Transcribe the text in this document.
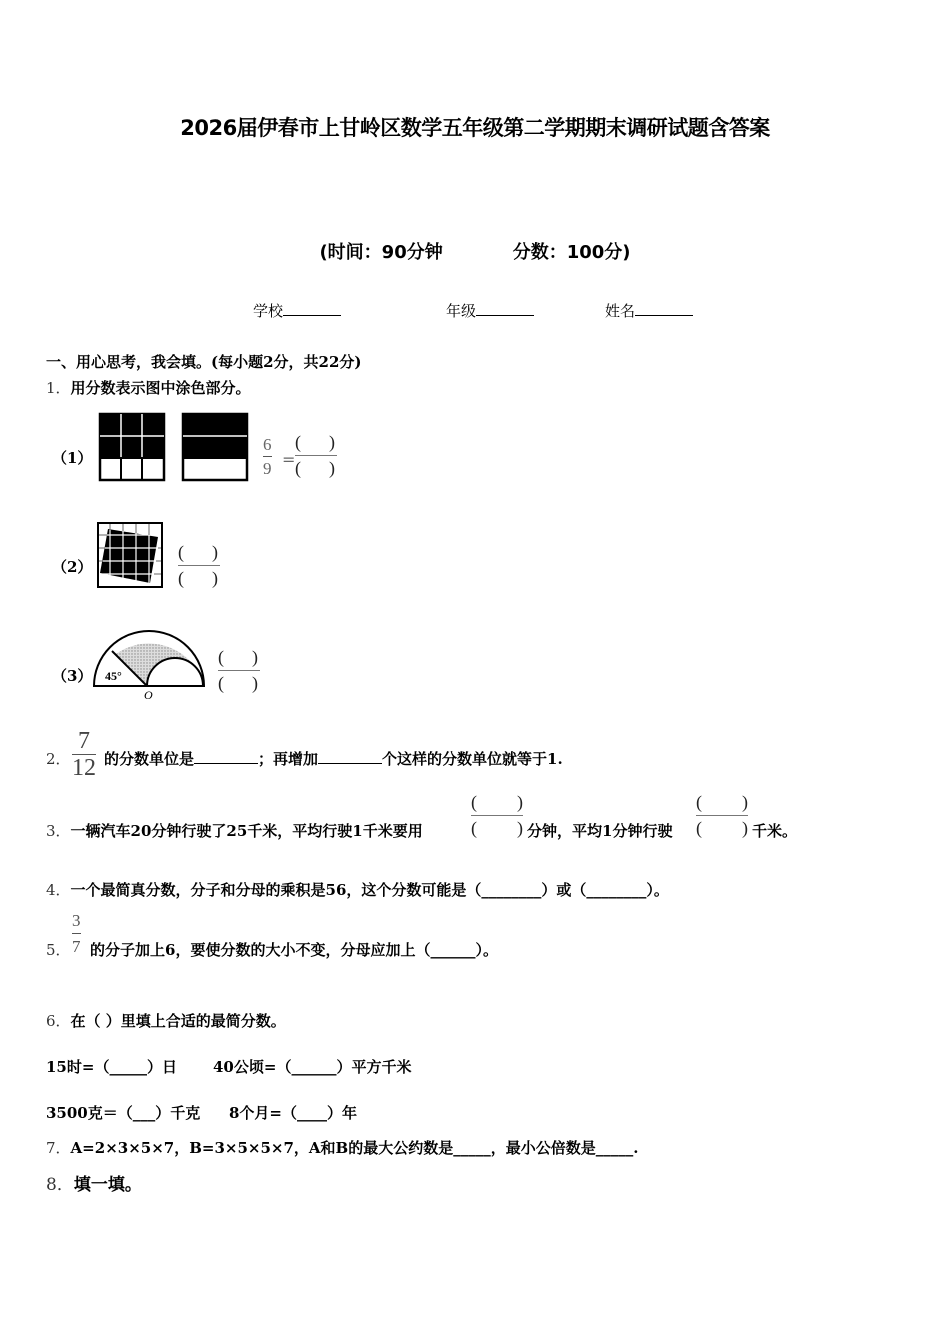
2026届伊春市上甘岭区数学五年级第二学期期末调研试题含答案
(时间：90分钟	分数：100分)
学校	年级	姓名
一、用心思考，我会填。(每小题2分，共22分)
1．用分数表示图中涂色部分。
（1）	$\frac{6}{9}$ =
( )
( )
（2）
( )
( )
（3） 45°
O
( )
( )
2． $\frac{7}{12}$ 的分数单位是	；再增加	个这样的分数单位就等于1.
3．一辆汽车20分钟行驶了25千米，平均行驶1千米要用
( )
( ) 分钟，平均1分钟行驶
( )
( ) 千米。
4．一个最简真分数，分子和分母的乘积是56，这个分数可能是（________）或（________）。
5． $\frac{3}{7}$ 的分子加上6，要使分数的大小不变，分母应加上（______）。
6．在（ ）里填上合适的最简分数。
15时=（_____）日 40公顷=（______）平方千米
3500克＝（___）千克 8个月=（____）年
7．A=2×3×5×7，B=3×5×5×7，A和B的最大公约数是_____，最小公倍数是_____.
8．填一填。
